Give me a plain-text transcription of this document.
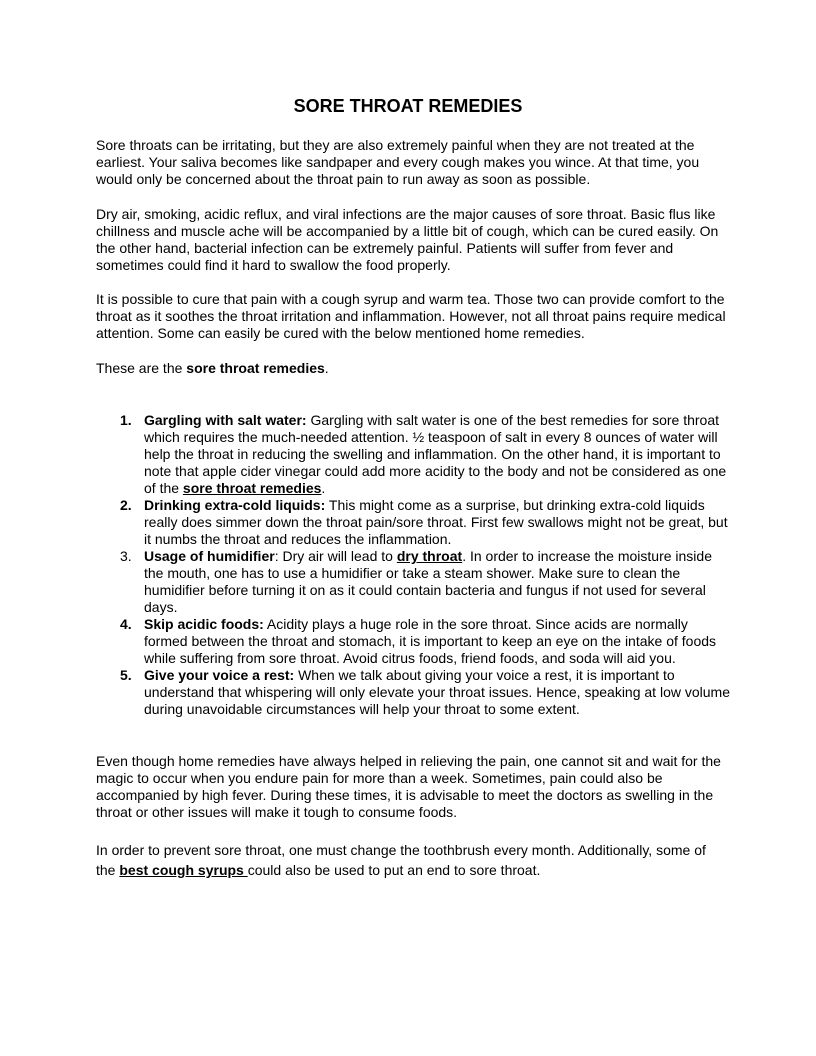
SORE THROAT REMEDIES

Sore throats can be irritating, but they are also extremely painful when they are not treated at the earliest. Your saliva becomes like sandpaper and every cough makes you wince. At that time, you would only be concerned about the throat pain to run away as soon as possible.

Dry air, smoking, acidic reflux, and viral infections are the major causes of sore throat. Basic flus like chillness and muscle ache will be accompanied by a little bit of cough, which can be cured easily. On the other hand, bacterial infection can be extremely painful. Patients will suffer from fever and sometimes could find it hard to swallow the food properly.

It is possible to cure that pain with a cough syrup and warm tea. Those two can provide comfort to the throat as it soothes the throat irritation and inflammation. However, not all throat pains require medical attention. Some can easily be cured with the below mentioned home remedies.

These are the sore throat remedies.

1. Gargling with salt water: Gargling with salt water is one of the best remedies for sore throat which requires the much-needed attention. ½ teaspoon of salt in every 8 ounces of water will help the throat in reducing the swelling and inflammation. On the other hand, it is important to note that apple cider vinegar could add more acidity to the body and not be considered as one of the sore throat remedies.
2. Drinking extra-cold liquids: This might come as a surprise, but drinking extra-cold liquids really does simmer down the throat pain/sore throat. First few swallows might not be great, but it numbs the throat and reduces the inflammation.
3. Usage of humidifier: Dry air will lead to dry throat. In order to increase the moisture inside the mouth, one has to use a humidifier or take a steam shower. Make sure to clean the humidifier before turning it on as it could contain bacteria and fungus if not used for several days.
4. Skip acidic foods: Acidity plays a huge role in the sore throat. Since acids are normally formed between the throat and stomach, it is important to keep an eye on the intake of foods while suffering from sore throat. Avoid citrus foods, friend foods, and soda will aid you.
5. Give your voice a rest: When we talk about giving your voice a rest, it is important to understand that whispering will only elevate your throat issues. Hence, speaking at low volume during unavoidable circumstances will help your throat to some extent.

Even though home remedies have always helped in relieving the pain, one cannot sit and wait for the magic to occur when you endure pain for more than a week. Sometimes, pain could also be accompanied by high fever. During these times, it is advisable to meet the doctors as swelling in the throat or other issues will make it tough to consume foods.

In order to prevent sore throat, one must change the toothbrush every month. Additionally, some of the best cough syrups could also be used to put an end to sore throat.
